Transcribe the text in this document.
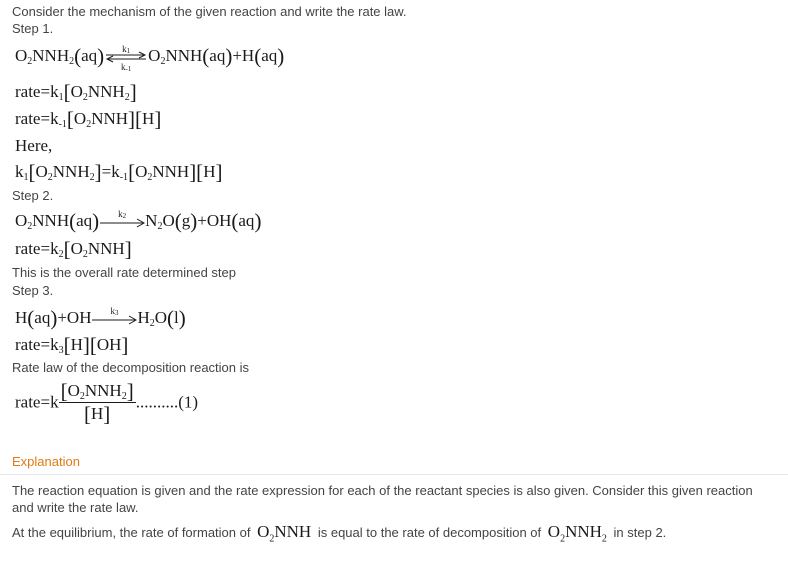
Consider the mechanism of the given reaction and write the rate law.
Step 1.
$O_2NNH_2(aq)$	$k_1$
$k_{-1}$
$O_2NNH(aq)+H(aq)$
$rate=k_1[O_2NNH_2]$
$rate=k_{-1}[O_2NNH][H]$
Here,
$k_1[O_2NNH_2]=k_{-1}[O_2NNH][H]$
Step 2.
$O_2NNH(aq)$	$k_2$	$N_2O(g)+OH(aq)$
$rate=k_2[O_2NNH]$
This is the overall rate determined step
Step 3.
H(aq)+OH	$k_3$	$H_2O(l)$
$rate=k_3[H][OH]$
Rate law of the decomposition reaction is
rate=k $\frac{[O_2NNH_2]}{[H]} ..........(1)$
Explanation
The reaction equation is given and the rate expression for each of the reactant species is also given. Consider this given reaction and write the rate law.
At the equilibrium, the rate of formation of $O_2NNH$ is equal to the rate of decomposition of $O_2NNH_2$ in step 2.
